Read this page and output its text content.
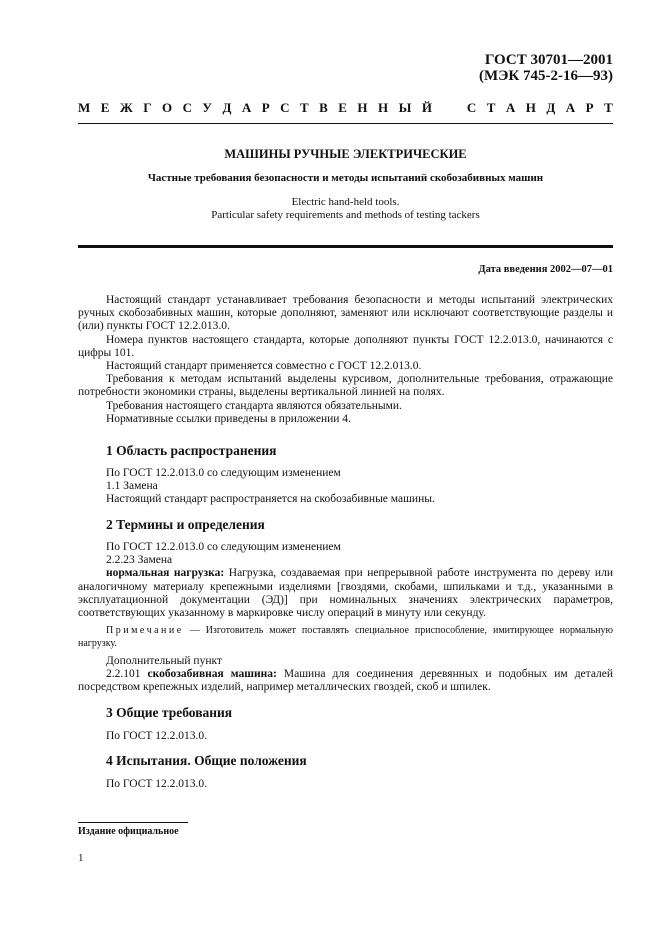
ГОСТ 30701—2001
(МЭК 745-2-16—93)
М Е Ж Г О С У Д А Р С Т В Е Н Н Ы Й	С Т А Н Д А Р Т
МАШИНЫ РУЧНЫЕ ЭЛЕКТРИЧЕСКИЕ
Частные требования безопасности и методы испытаний скобозабивных машин
Electric hand-held tools.
Particular safety requirements and methods of testing tackers
Дата введения 2002—07—01

Настоящий стандарт устанавливает требования безопасности и методы испытаний электрических ручных скобозабивных машин, которые дополняют, заменяют или исключают соответствующие разделы и (или) пункты ГОСТ 12.2.013.0.

Номера пунктов настоящего стандарта, которые дополняют пункты ГОСТ 12.2.013.0, начинаются с цифры 101.

Настоящий стандарт применяется совместно с ГОСТ 12.2.013.0.

Требования к методам испытаний выделены курсивом, дополнительные требования, отражающие потребности экономики страны, выделены вертикальной линией на полях.

Требования настоящего стандарта являются обязательными.

Нормативные ссылки приведены в приложении 4.

1 Область распространения

По ГОСТ 12.2.013.0 со следующим изменением

1.1 Замена

Настоящий стандарт распространяется на скобозабивные машины.

2 Термины и определения

По ГОСТ 12.2.013.0 со следующим изменением

2.2.23 Замена

нормальная нагрузка: Нагрузка, создаваемая при непрерывной работе инструмента по дереву или аналогичному материалу крепежными изделиями [гвоздями, скобами, шпильками и т.д., указанными в эксплуатационной документации (ЭД)] при номинальных значениях электрических параметров, соответствующих указанному в маркировке числу операций в минуту или секунду.

Примечание — Изготовитель может поставлять специальное приспособление, имитирующее нормальную нагрузку.

Дополнительный пункт

2.2.101 скобозабивная машина: Машина для соединения деревянных и подобных им деталей посредством крепежных изделий, например металлических гвоздей, скоб и шпилек.

3 Общие требования

По ГОСТ 12.2.013.0.

4 Испытания. Общие положения

По ГОСТ 12.2.013.0.

Издание официальное
1
